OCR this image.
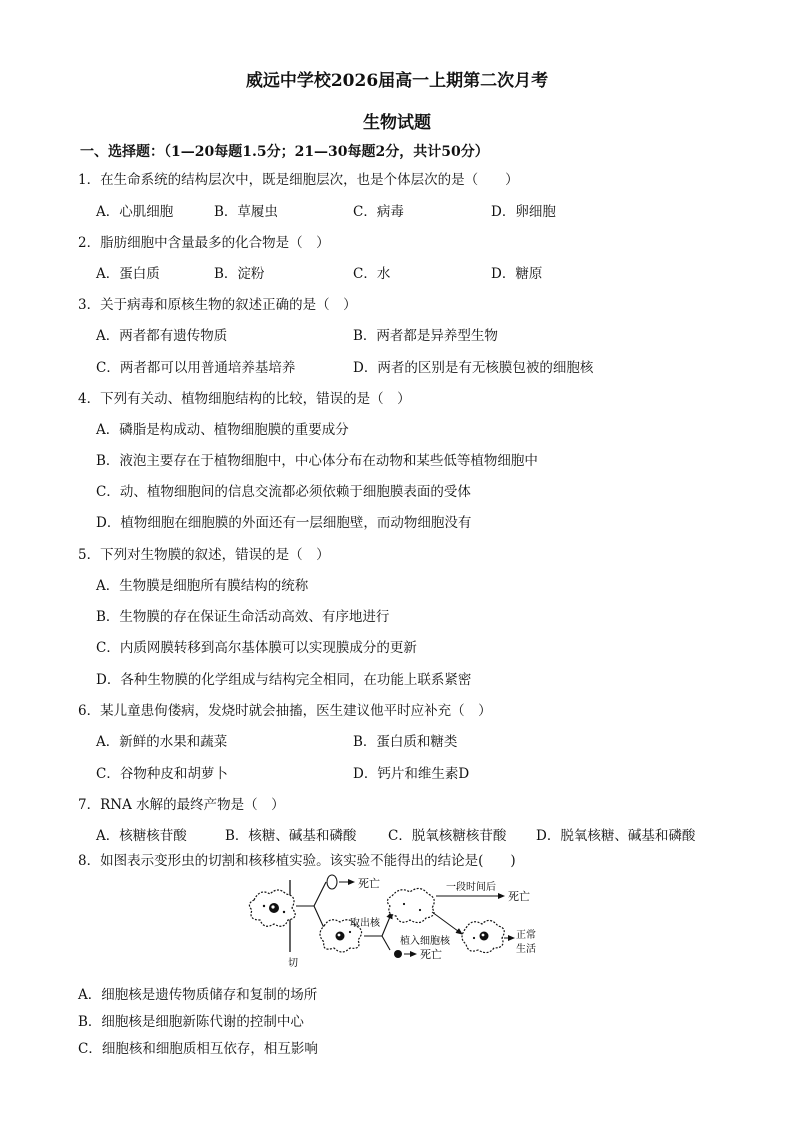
威远中学校2026届高一上期第二次月考
生物试题
一、选择题：（1—20每题1.5分；21—30每题2分，共计50分）
1．在生命系统的结构层次中，既是细胞层次，也是个体层次的是（　　）
A．心肌细胞	B．草履虫	C．病毒	D．卵细胞
2．脂肪细胞中含量最多的化合物是（　）
A．蛋白质	B．淀粉	C．水	D．糖原
3．关于病毒和原核生物的叙述正确的是（　）
A．两者都有遗传物质	B．两者都是异养型生物
C．两者都可以用普通培养基培养	D．两者的区别是有无核膜包被的细胞核
4．下列有关动、植物细胞结构的比较，错误的是（　）
A．磷脂是构成动、植物细胞膜的重要成分
B．液泡主要存在于植物细胞中，中心体分布在动物和某些低等植物细胞中
C．动、植物细胞间的信息交流都必须依赖于细胞膜表面的受体
D．植物细胞在细胞膜的外面还有一层细胞壁，而动物细胞没有
5．下列对生物膜的叙述，错误的是（　）
A．生物膜是细胞所有膜结构的统称
B．生物膜的存在保证生命活动高效、有序地进行
C．内质网膜转移到高尔基体膜可以实现膜成分的更新
D．各种生物膜的化学组成与结构完全相同，在功能上联系紧密
6．某儿童患佝偻病，发烧时就会抽搐，医生建议他平时应补充（　）
A．新鲜的水果和蔬菜	B．蛋白质和糖类
C．谷物种皮和胡萝卜	D．钙片和维生素D
7．RNA 水解的最终产物是（　）
A．核糖核苷酸	B．核糖、碱基和磷酸 C．脱氧核糖核苷酸 D．脱氧核糖、碱基和磷酸
8．如图表示变形虫的切割和核移植实验。该实验不能得出的结论是(　　)
切
死亡
取出核
一段时间后
死亡
植入细胞核
死亡
正常
生活
A．细胞核是遗传物质储存和复制的场所
B．细胞核是细胞新陈代谢的控制中心
C．细胞核和细胞质相互依存，相互影响
